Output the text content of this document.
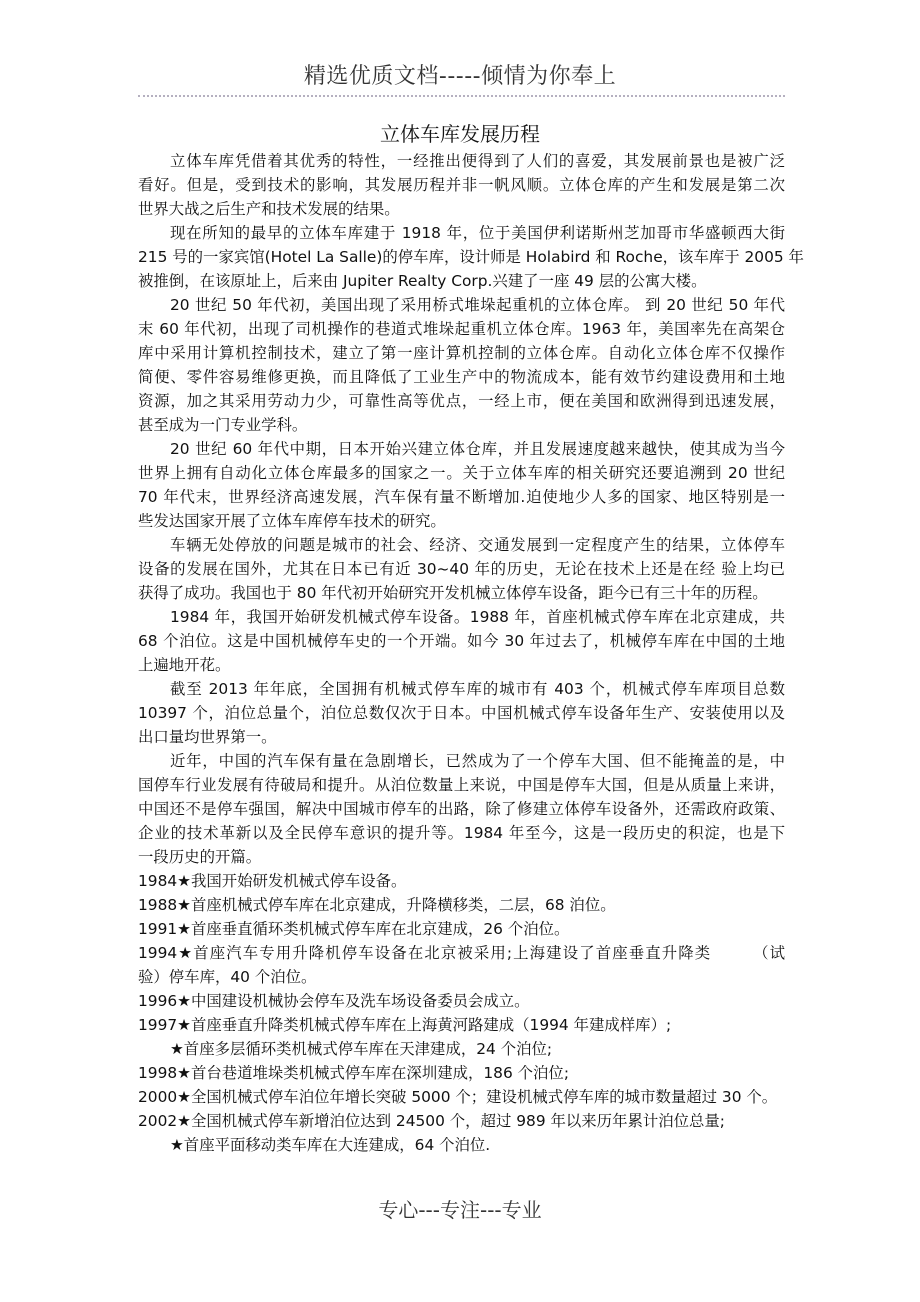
精选优质文档-----倾情为你奉上
立体车库发展历程
立体车库凭借着其优秀的特性，一经推出便得到了人们的喜爱，其发展前景也是被广泛
看好。但是，受到技术的影响，其发展历程并非一帆风顺。立体仓库的产生和发展是第二次
世界大战之后生产和技术发展的结果。
现在所知的最早的立体车库建于 1918 年，位于美国伊利诺斯州芝加哥市华盛顿西大街
215 号的一家宾馆(Hotel La Salle)的停车库，设计师是 Holabird 和 Roche，该车库于 2005 年
被推倒，在该原址上，后来由 Jupiter Realty Corp.兴建了一座 49 层的公寓大楼。
20 世纪 50 年代初，美国出现了采用桥式堆垛起重机的立体仓库。 到 20 世纪 50 年代
末 60 年代初，出现了司机操作的巷道式堆垛起重机立体仓库。1963 年，美国率先在高架仓
库中采用计算机控制技术，建立了第一座计算机控制的立体仓库。自动化立体仓库不仅操作
简便、零件容易维修更换，而且降低了工业生产中的物流成本，能有效节约建设费用和土地
资源，加之其采用劳动力少，可靠性高等优点，一经上市，便在美国和欧洲得到迅速发展，
甚至成为一门专业学科。
20 世纪 60 年代中期，日本开始兴建立体仓库，并且发展速度越来越快，使其成为当今
世界上拥有自动化立体仓库最多的国家之一。关于立体车库的相关研究还要追溯到 20 世纪
70 年代末，世界经济高速发展，汽车保有量不断增加.迫使地少人多的国家、地区特别是一
些发达国家开展了立体车库停车技术的研究。
车辆无处停放的问题是城市的社会、经济、交通发展到一定程度产生的结果，立体停车
设备的发展在国外，尤其在日本已有近 30~40 年的历史，无论在技术上还是在经 验上均已
获得了成功。我国也于 80 年代初开始研究开发机械立体停车设备，距今已有三十年的历程。
1984 年，我国开始研发机械式停车设备。1988 年，首座机械式停车库在北京建成，共
68 个泊位。这是中国机械停车史的一个开端。如今 30 年过去了，机械停车库在中国的土地
上遍地开花。
截至 2013 年年底，全国拥有机械式停车库的城市有 403 个，机械式停车库项目总数
10397 个，泊位总量个，泊位总数仅次于日本。中国机械式停车设备年生产、安装使用以及
出口量均世界第一。
近年，中国的汽车保有量在急剧增长，已然成为了一个停车大国、但不能掩盖的是，中
国停车行业发展有待破局和提升。从泊位数量上来说，中国是停车大国，但是从质量上来讲，
中国还不是停车强国，解决中国城市停车的出路，除了修建立体停车设备外，还需政府政策、
企业的技术革新以及全民停车意识的提升等。1984 年至今，这是一段历史的积淀，也是下
一段历史的开篇。
1984★我国开始研发机械式停车设备。
1988★首座机械式停车库在北京建成，升降横移类，二层，68 泊位。
1991★首座垂直循环类机械式停车库在北京建成，26 个泊位。
1994★首座汽车专用升降机停车设备在北京被采用;上海建设了首座垂直升降类　　　（试
验）停车库，40 个泊位。
1996★中国建设机械协会停车及洗车场设备委员会成立。
1997★首座垂直升降类机械式停车库在上海黄河路建成（1994 年建成样库）;
★首座多层循环类机械式停车库在天津建成，24 个泊位;
1998★首台巷道堆垛类机械式停车库在深圳建成，186 个泊位;
2000★全国机械式停车泊位年增长突破 5000 个；建设机械式停车库的城市数量超过 30 个。
2002★全国机械式停车新增泊位达到 24500 个，超过 989 年以来历年累计泊位总量;
★首座平面移动类车库在大连建成，64 个泊位.
专心---专注---专业
